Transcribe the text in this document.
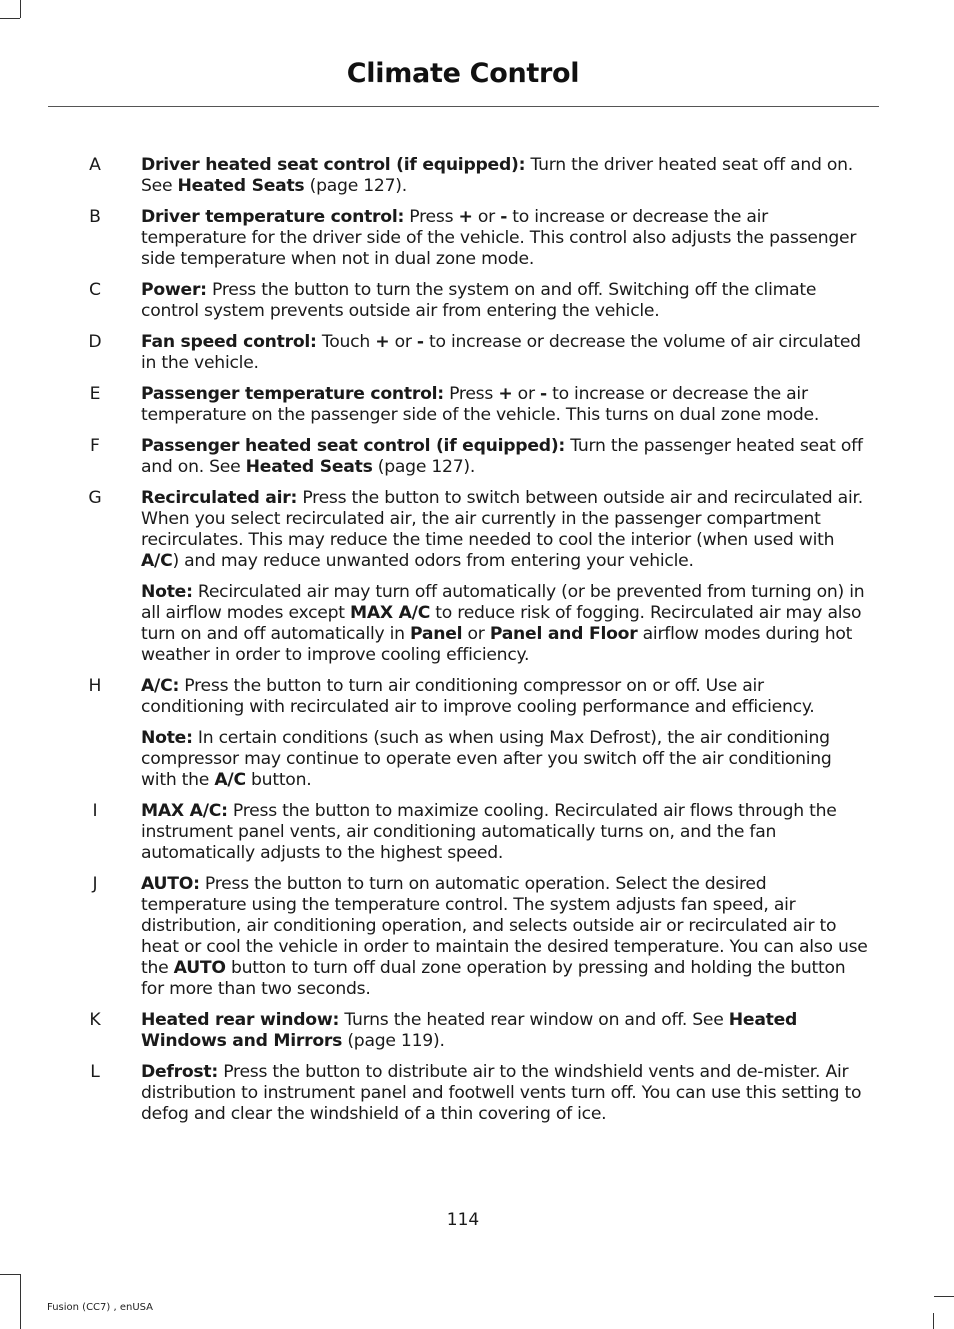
Climate Control
A Driver heated seat control (if equipped): Turn the driver heated seat off and on. See Heated Seats (page 127).

B Driver temperature control: Press + or - to increase or decrease the air temperature for the driver side of the vehicle. This control also adjusts the passenger side temperature when not in dual zone mode.

C Power: Press the button to turn the system on and off. Switching off the climate control system prevents outside air from entering the vehicle.

D Fan speed control: Touch + or - to increase or decrease the volume of air circulated in the vehicle.

E Passenger temperature control: Press + or - to increase or decrease the air temperature on the passenger side of the vehicle. This turns on dual zone mode.

F Passenger heated seat control (if equipped): Turn the passenger heated seat off and on. See Heated Seats (page 127).

G Recirculated air: Press the button to switch between outside air and recirculated air. When you select recirculated air, the air currently in the passenger compartment recirculates. This may reduce the time needed to cool the interior (when used with A/C) and may reduce unwanted odors from entering your vehicle.

Note: Recirculated air may turn off automatically (or be prevented from turning on) in all airflow modes except MAX A/C to reduce risk of fogging. Recirculated air may also turn on and off automatically in Panel or Panel and Floor airflow modes during hot weather in order to improve cooling efficiency.

H A/C: Press the button to turn air conditioning compressor on or off. Use air conditioning with recirculated air to improve cooling performance and efficiency.

Note: In certain conditions (such as when using Max Defrost), the air conditioning compressor may continue to operate even after you switch off the air conditioning with the A/C button.

I	MAX A/C: Press the button to maximize cooling. Recirculated air flows through the instrument panel vents, air conditioning automatically turns on, and the fan automatically adjusts to the highest speed.

J	AUTO: Press the button to turn on automatic operation. Select the desired temperature using the temperature control. The system adjusts fan speed, air distribution, air conditioning operation, and selects outside air or recirculated air to heat or cool the vehicle in order to maintain the desired temperature. You can also use the AUTO button to turn off dual zone operation by pressing and holding the button for more than two seconds.

K Heated rear window: Turns the heated rear window on and off. See Heated Windows and Mirrors (page 119).

L Defrost: Press the button to distribute air to the windshield vents and de-mister. Air distribution to instrument panel and footwell vents turn off. You can use this setting to defog and clear the windshield of a thin covering of ice.

114
Fusion (CC7) , enUSA
